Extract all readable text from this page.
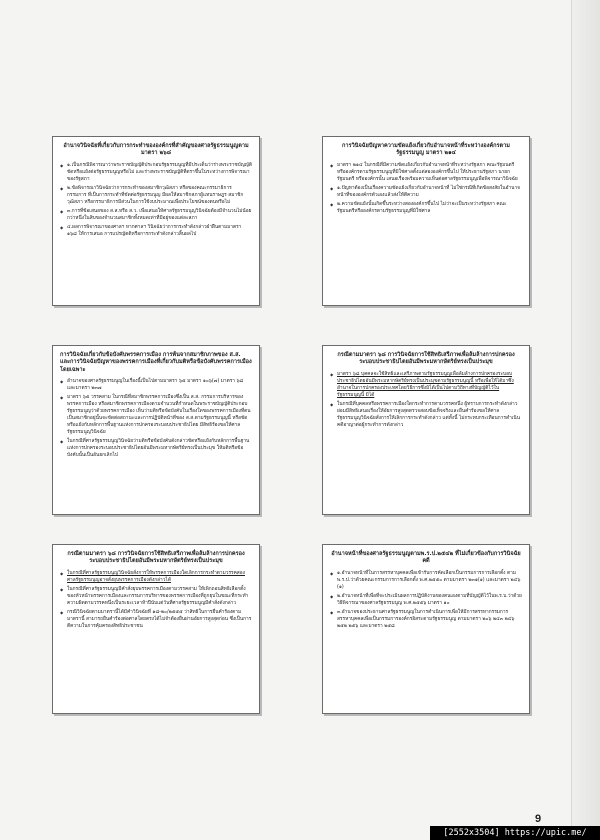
อำนาจวินิจฉัยที่เกี่ยวกับการกระทำขององค์กรที่สำคัญของศาลรัฐธรรมนูญตามมาตรา ๒๖๘
◆ ๑.เป็นกรณีพิจารณาว่าพระราชบัญญัติประกอบรัฐธรรมนูญที่มีประเด็นว่าร่างพระราชบัญญัติขัดหรือแย้งต่อรัฐธรรมนูญหรือไม่ และร่างพระราชบัญญัติที่ตราขึ้นในระหว่างการพิจารณาของรัฐสภา
◆ ๒.ข้อพิจารณาวินิจฉัยว่าการกระทำของสมาชิกวุฒิสภา หรือของคณะกรรมาธิการ กรรมการ ที่เป็นการกระทำที่ขัดต่อรัฐธรรมนูญ มีผลให้สมาชิกสภาผู้แทนราษฎร สมาชิกวุฒิสภา หรือกรรมาธิการมีส่วนในการใช้งบประมาณเพื่อประโยชน์ของตนหรือไม่
◆ ๓.การที่ข้อเสนอของ ส.ส.หรือ ส.ว. เพื่อเสนอให้ศาลรัฐธรรมนูญวินิจฉัยต้องมีจำนวนไม่น้อยกว่าหนึ่งในสิบของจำนวนสมาชิกทั้งหมดเท่าที่มีอยู่ของแต่ละสภา
◆ ๔.ผลการพิจารณาของศาลฯ หากศาลฯ วินิจฉัยว่าการกระทำดังกล่าวฝ่าฝืนตามมาตรา ๑๖๘ ให้การเสนอ การแปรญัตติหรือการกระทำดังกล่าวสิ้นผลไป
การวินิจฉัยปัญหาความขัดแย้งเกี่ยวกับอำนาจหน้าที่ระหว่างองค์กรตามรัฐธรรมนูญ มาตรา ๒๑๔
◆ มาตรา ๒๑๔ ในกรณีที่มีความขัดแย้งเกี่ยวกับอำนาจหน้าที่ระหว่างรัฐสภา คณะรัฐมนตรี หรือองค์กรตามรัฐธรรมนูญที่มิใช่ศาลตั้งแต่สององค์กรขึ้นไป ให้ประธานรัฐสภา นายกรัฐมนตรี หรือองค์กรนั้น เสนอเรื่องพร้อมความเห็นต่อศาลรัฐธรรมนูญเพื่อพิจารณาวินิจฉัย
◆ ๑.ปัญหาต้องเป็นเรื่องความขัดแย้งเกี่ยวกับอำนาจหน้าที่ ไม่ใช่กรณีที่เกิดข้อสงสัยในอำนาจหน้าที่ขององค์กรตัวเองแล้วส่งให้ตีความ
◆ ๒.ความขัดแย้งนั้นเกิดขึ้นระหว่างสององค์กรขึ้นไป ไม่ว่าจะเป็นระหว่างรัฐสภา คณะรัฐมนตรีหรือองค์กรตามรัฐธรรมนูญที่มิใช่ศาล
การวินิจฉัยเกี่ยวกับข้อบังคับพรรคการเมือง การพ้นจากสมาชิกภาพของ ส.ส. และการวินิจฉัยปัญหาของพรรคการเมืองที่เกี่ยวกับมติหรือข้อบังคับพรรคการเมืองโดยเฉพาะ
◆ อำนาจของศาลรัฐธรรมนูญในเรื่องนี้เป็นไปตามมาตรา ๖๕ มาตรา ๑๐๖(๗) มาตรา ๖๘ และมาตรา ๒๓๗
◆ มาตรา ๖๕ วรรคสาม ในกรณีที่สมาชิกพรรคการเมืองซึ่งเป็น ส.ส. กรรมการบริหารของพรรคการเมือง หรือสมาชิกพรรคการเมืองตามจำนวนที่กำหนดในพระราชบัญญัติประกอบรัฐธรรมนูญว่าด้วยพรรคการเมือง เห็นว่ามติหรือข้อบังคับในเรื่องใดของพรรคการเมืองที่ตนเป็นสมาชิกอยู่นั้นจะขัดต่อสถานะและการปฏิบัติหน้าที่ของ ส.ส.ตามรัฐธรรมนูญนี้ หรือขัดหรือแย้งกับหลักการพื้นฐานแห่งการปกครองระบอบประชาธิปไตย มีสิทธิร้องขอให้ศาลรัฐธรรมนูญวินิจฉัย
◆ ในกรณีที่ศาลรัฐธรรมนูญวินิจฉัยว่ามติหรือข้อบังคับดังกล่าวขัดหรือแย้งกับหลักการพื้นฐานแห่งการปกครองระบอบประชาธิปไตยอันมีพระมหากษัตริย์ทรงเป็นประมุข ให้มติหรือข้อบังคับนั้นเป็นอันยกเลิกไป
กรณีตามมาตรา ๖๘ การวินิจฉัยการใช้สิทธิเสรีภาพเพื่อล้มล้างการปกครองระบอบประชาธิปไตยอันมีพระมหากษัตริย์ทรงเป็นประมุข
◆ มาตรา ๖๘ บุคคลจะใช้สิทธิและเสรีภาพตามรัฐธรรมนูญเพื่อล้มล้างการปกครองระบอบประชาธิปไตยอันมีพระมหากษัตริย์ทรงเป็นประมุขตามรัฐธรรมนูญนี้ หรือเพื่อให้ได้มาซึ่งอำนาจในการปกครองประเทศโดยวิธีการซึ่งมิได้เป็นไปตามวิถีทางที่บัญญัติไว้ในรัฐธรรมนูญนี้ มิได้
◆ ในกรณีที่บุคคลหรือพรรคการเมืองใดกระทำการตามวรรคหนึ่ง ผู้ทราบการกระทำดังกล่าวย่อมมีสิทธิเสนอเรื่องให้อัยการสูงสุดตรวจสอบข้อเท็จจริงและยื่นคำร้องขอให้ศาลรัฐธรรมนูญวินิจฉัยสั่งการให้เลิกการกระทำดังกล่าว แต่ทั้งนี้ ไม่กระทบกระเทือนการดำเนินคดีอาญาต่อผู้กระทำการดังกล่าว
กรณีตามมาตรา ๖๘ การวินิจฉัยการใช้สิทธิเสรีภาพเพื่อล้มล้างการปกครองระบอบประชาธิปไตยอันมีพระมหากษัตริย์ทรงเป็นประมุข
◆ ในกรณีที่ศาลรัฐธรรมนูญวินิจฉัยสั่งการให้พรรคการเมืองใดเลิกการกระทำตามวรรคสองศาลรัฐธรรมนูญอาจสั่งยุบพรรคการเมืองดังกล่าวได้
◆ ในกรณีที่ศาลรัฐธรรมนูญมีคำสั่งยุบพรรคการเมืองตามวรรคสาม ให้เพิกถอนสิทธิเลือกตั้งของหัวหน้าพรรคการเมืองและกรรมการบริหารของพรรคการเมืองที่ถูกยุบในขณะที่กระทำความผิดตามวรรคหนึ่งเป็นระยะเวลาห้าปีนับแต่วันที่ศาลรัฐธรรมนูญมีคำสั่งดังกล่าว
◆ กรณีวินิจฉัยตามมาตรานี้ได้มีคำวินิจฉัยที่ ๑๘-๒๐/๒๕๕๕ ว่าสิทธิในการยื่นคำร้องตามมาตรานี้ สามารถยื่นคำร้องต่อศาลโดยตรงได้ไม่จำต้องยื่นผ่านอัยการสูงสุดก่อน ซึ่งเป็นการตีความในการคุ้มครองสิทธิประชาชน
อำนาจหน้าที่ของศาลรัฐธรรมนูญตามพ.ร.ป.๒๕๔๒ ที่ไม่เกี่ยวข้องกับการวินิจฉัยคดี
◆ ๑.อำนาจหน้าที่ในการสรรหาบุคคลเพื่อเข้ารับการคัดเลือกเป็นกรรมการการเลือกตั้ง ตาม พ.ร.ป.ว่าด้วยคณะกรรมการการเลือกตั้ง พ.ศ.๒๕๕๐ ตามมาตรา ๒๓๑(๑) และมาตรา ๒๔๖ (๑)
◆ ๒.อำนาจหน้าที่เพื่อที่จะประเมินผลการปฏิบัติงานของตนเองตามที่บัญญัติไว้ในพ.ร.บ.ว่าด้วยวิธีพิจารณาของศาลรัฐธรรมนูญ พ.ศ.๒๕๕๖ มาตรา ๑๐
◆ ๓.อำนาจของประธานศาลรัฐธรรมนูญในการดำเนินการเพื่อให้มีการสรรหากรรมการสรรหาบุคคลเพื่อเป็นกรรมการองค์กรอิสระตามรัฐธรรมนูญ ตามมาตรา ๒๐๖ ๒๔๓ ๒๔๖ ๒๕๒ ๒๕๖ และมาตรา ๒๕๘
9
[2552x3504] https://upic.me/
